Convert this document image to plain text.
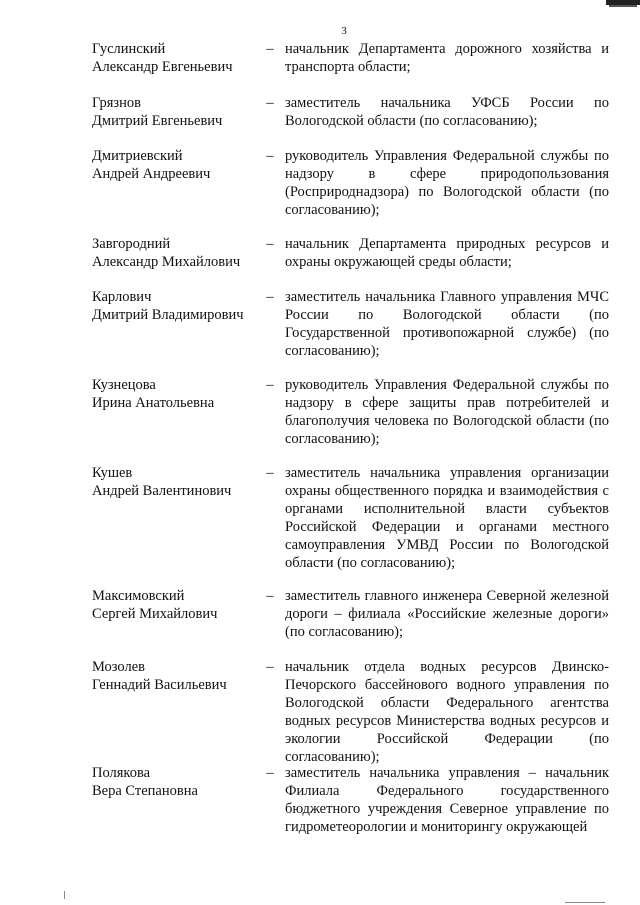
3
Гуслинский
Александр Евгеньевич
– начальник Департамента дорожного хозяйства и транспорта области;
Грязнов
Дмитрий Евгеньевич
– заместитель начальника УФСБ России по Вологодской области (по согласованию);
Дмитриевский
Андрей Андреевич
– руководитель Управления Федеральной службы по надзору в сфере природопользования (Росприроднадзора) по Вологодской области (по согласованию);
Завгородний
Александр Михайлович
– начальник Департамента природных ресурсов и охраны окружающей среды области;
Карлович
Дмитрий Владимирович
– заместитель начальника Главного управления МЧС России по Вологодской области (по Государственной противопожарной службе) (по согласованию);
Кузнецова
Ирина Анатольевна
– руководитель Управления Федеральной службы по надзору в сфере защиты прав потребителей и благополучия человека по Вологодской области (по согласованию);
Кушев
Андрей Валентинович
– заместитель начальника управления организации охраны общественного порядка и взаимодействия с органами исполнительной власти субъектов Российской Федерации и органами местного самоуправления УМВД России по Вологодской области (по согласованию);
Максимовский
Сергей Михайлович
– заместитель главного инженера Северной железной дороги – филиала «Российские железные дороги» (по согласованию);
Мозолев
Геннадий Васильевич
– начальник отдела водных ресурсов Двинско-Печорского бассейнового водного управления по Вологодской области Федерального агентства водных ресурсов Министерства водных ресурсов и экологии Российской Федерации (по согласованию);
Полякова
Вера Степановна
– заместитель начальника управления – начальник Филиала Федерального государственного бюджетного учреждения Северное управление по гидрометеорологии и мониторингу окружающей
